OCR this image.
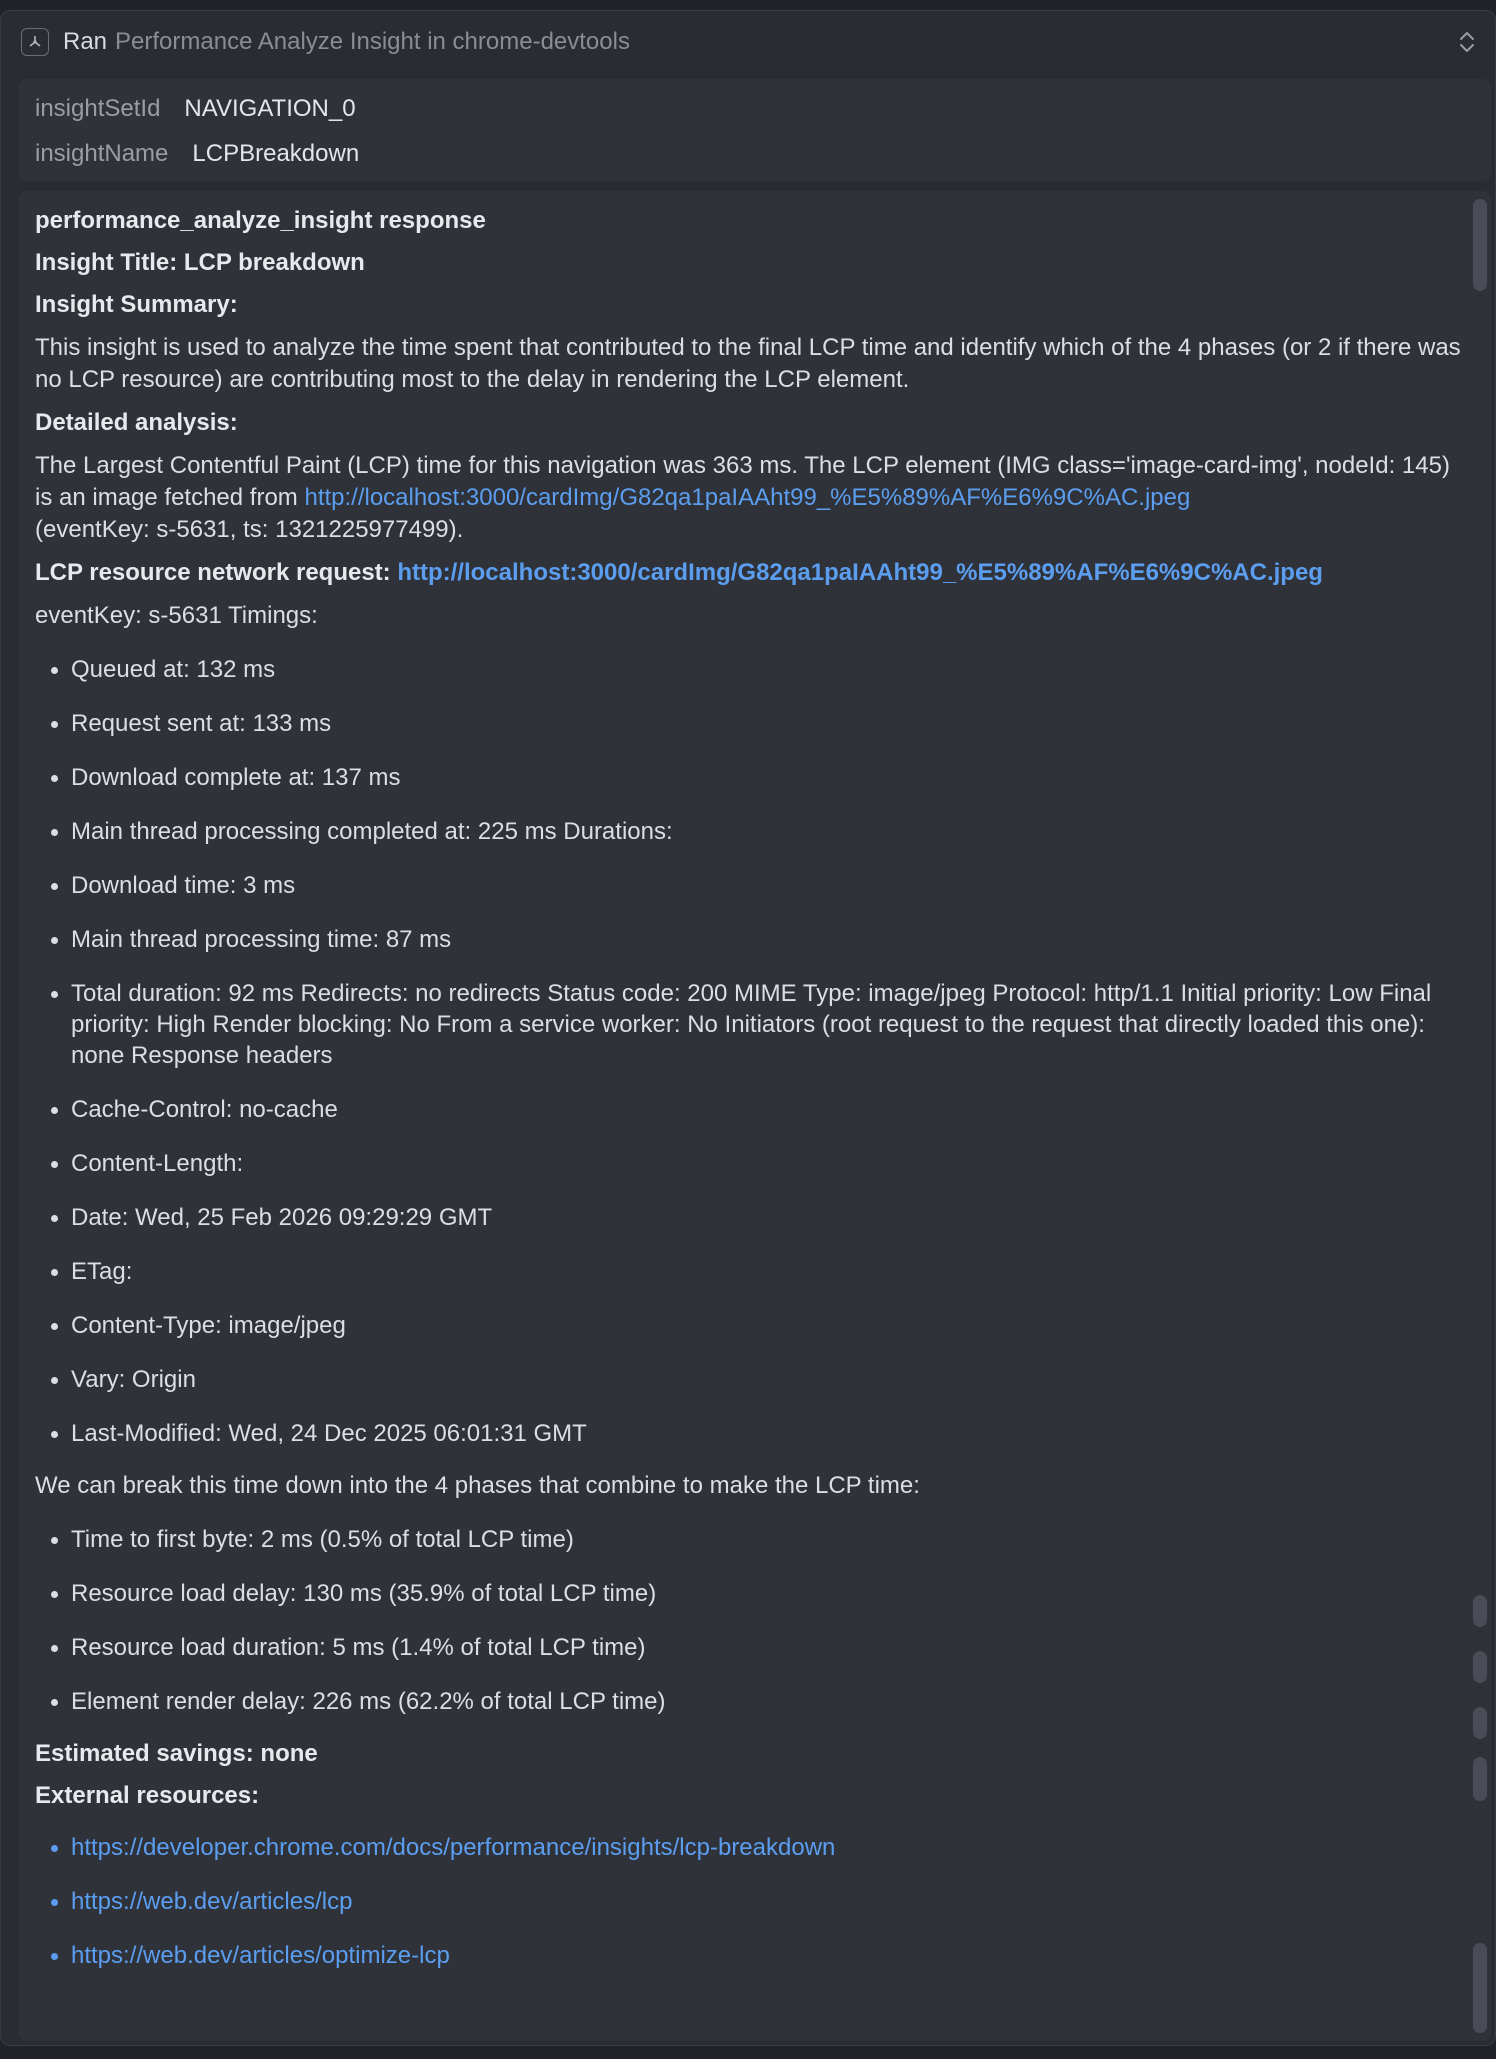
Ran Performance Analyze Insight in chrome-devtools
insightSetId NAVIGATION_0
insightName LCPBreakdown

performance_analyze_insight response

Insight Title: LCP breakdown

Insight Summary:

This insight is used to analyze the time spent that contributed to the final LCP time and identify which of the 4 phases (or 2 if there was no LCP resource) are contributing most to the delay in rendering the LCP element.

Detailed analysis:

The Largest Contentful Paint (LCP) time for this navigation was 363 ms. The LCP element (IMG class='image-card-img', nodeId: 145) is an image fetched from http://localhost:3000/cardImg/G82qa1paIAAht99_%E5%89%AF%E6%9C%AC.jpeg
(eventKey: s-5631, ts: 1321225977499).

LCP resource network request: http://localhost:3000/cardImg/G82qa1paIAAht99_%E5%89%AF%E6%9C%AC.jpeg

eventKey: s-5631 Timings:

Queued at: 132 ms
Request sent at: 133 ms
Download complete at: 137 ms
Main thread processing completed at: 225 ms Durations:
Download time: 3 ms
Main thread processing time: 87 ms
Total duration: 92 ms Redirects: no redirects Status code: 200 MIME Type: image/jpeg Protocol: http/1.1 Initial priority: Low Final priority: High Render blocking: No From a service worker: No Initiators (root request to the request that directly loaded this one): none Response headers
Cache-Control: no-cache
Content-Length:
Date: Wed, 25 Feb 2026 09:29:29 GMT
ETag:
Content-Type: image/jpeg
Vary: Origin
Last-Modified: Wed, 24 Dec 2025 06:01:31 GMT

We can break this time down into the 4 phases that combine to make the LCP time:

Time to first byte: 2 ms (0.5% of total LCP time)
Resource load delay: 130 ms (35.9% of total LCP time)
Resource load duration: 5 ms (1.4% of total LCP time)
Element render delay: 226 ms (62.2% of total LCP time)

Estimated savings: none

External resources:

https://developer.chrome.com/docs/performance/insights/lcp-breakdown
https://web.dev/articles/lcp
https://web.dev/articles/optimize-lcp
